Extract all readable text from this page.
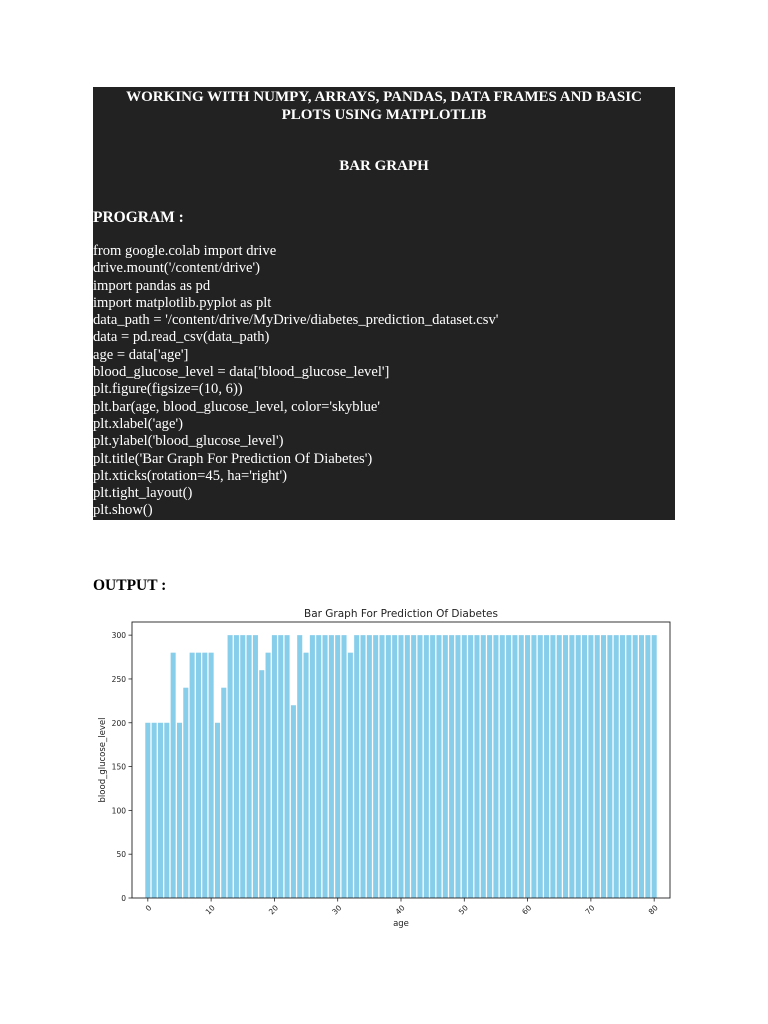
WORKING WITH NUMPY, ARRAYS, PANDAS, DATA FRAMES AND BASIC
PLOTS USING MATPLOTLIB
BAR GRAPH
PROGRAM :
from google.colab import drive
drive.mount('/content/drive')
import pandas as pd
import matplotlib.pyplot as plt
data_path = '/content/drive/MyDrive/diabetes_prediction_dataset.csv'
data = pd.read_csv(data_path)
age = data['age']
blood_glucose_level = data['blood_glucose_level']
plt.figure(figsize=(10, 6))
plt.bar(age, blood_glucose_level, color='skyblue'
plt.xlabel('age')
plt.ylabel('blood_glucose_level')
plt.title('Bar Graph For Prediction Of Diabetes')
plt.xticks(rotation=45, ha='right')
plt.tight_layout()
plt.show()
OUTPUT :
Bar Graph For Prediction Of Diabetes
0
50
100
150
200
250
300
0	10	20	30	40	50	60	70	80
age
blood_glucose_level
